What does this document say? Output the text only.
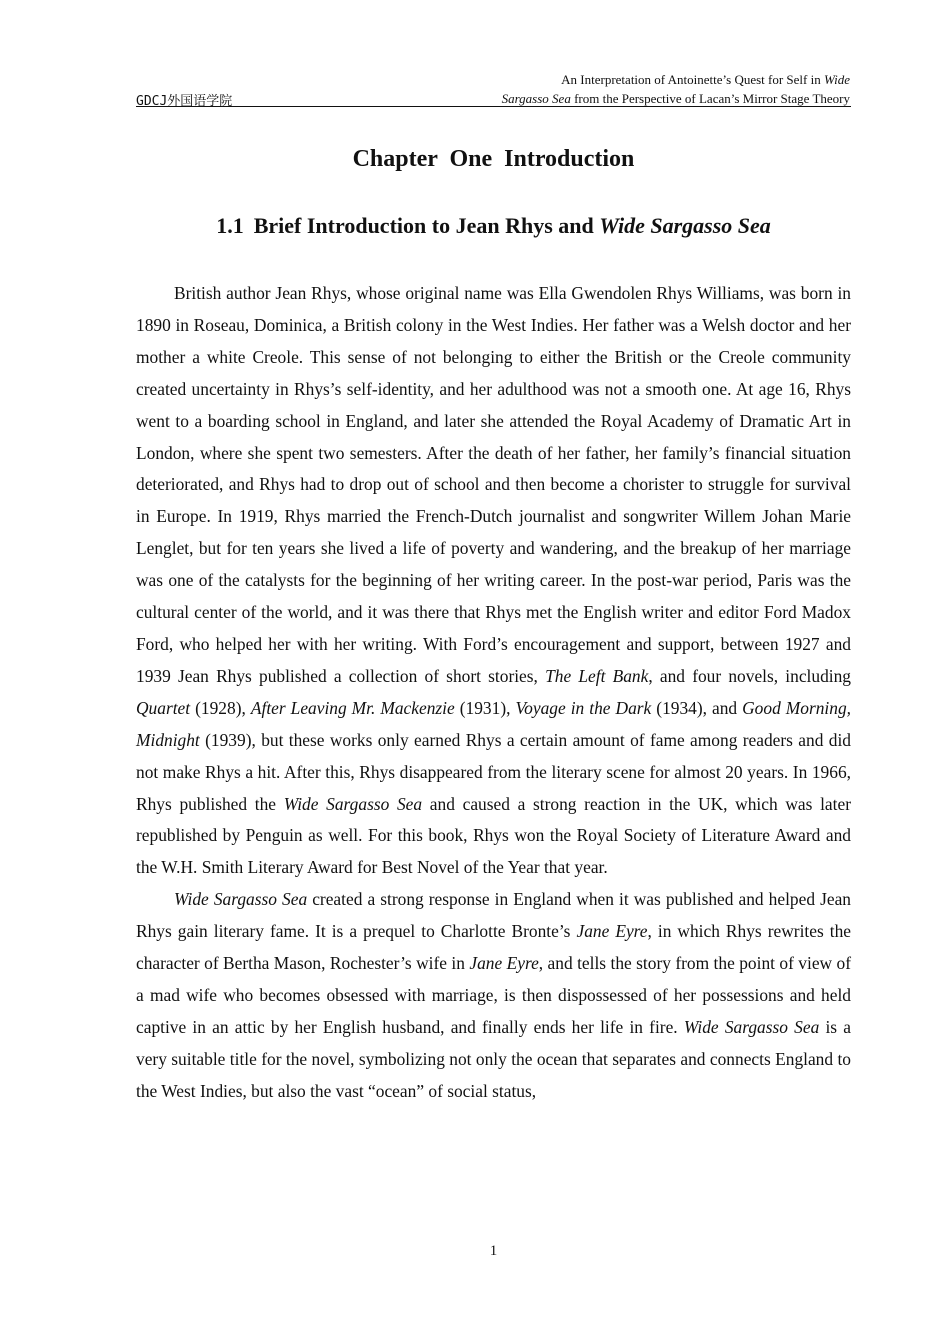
GDCJ外国语学院
An Interpretation of Antoinette’s Quest for Self in Wide
Sargasso Sea from the Perspective of Lacan’s Mirror Stage Theory
Chapter One Introduction
1.1 Brief Introduction to Jean Rhys and Wide Sargasso Sea

British author Jean Rhys, whose original name was Ella Gwendolen Rhys Williams, was born in 1890 in Roseau, Dominica, a British colony in the West Indies. Her father was a Welsh doctor and her mother a white Creole. This sense of not belonging to either the British or the Creole community created uncertainty in Rhys’s self-identity, and her adulthood was not a smooth one. At age 16, Rhys went to a boarding school in England, and later she attended the Royal Academy of Dramatic Art in London, where she spent two semesters. After the death of her father, her family’s financial situation deteriorated, and Rhys had to drop out of school and then become a chorister to struggle for survival in Europe. In 1919, Rhys married the French-Dutch journalist and songwriter Willem Johan Marie Lenglet, but for ten years she lived a life of poverty and wandering, and the breakup of her marriage was one of the catalysts for the beginning of her writing career. In the post-war period, Paris was the cultural center of the world, and it was there that Rhys met the English writer and editor Ford Madox Ford, who helped her with her writing. With Ford’s encouragement and support, between 1927 and 1939 Jean Rhys published a collection of short stories, The Left Bank, and four novels, including Quartet (1928), After Leaving Mr. Mackenzie (1931), Voyage in the Dark (1934), and Good Morning, Midnight (1939), but these works only earned Rhys a certain amount of fame among readers and did not make Rhys a hit. After this, Rhys disappeared from the literary scene for almost 20 years. In 1966, Rhys published the Wide Sargasso Sea and caused a strong reaction in the UK, which was later republished by Penguin as well. For this book, Rhys won the Royal Society of Literature Award and the W.H. Smith Literary Award for Best Novel of the Year that year.

Wide Sargasso Sea created a strong response in England when it was published and helped Jean Rhys gain literary fame. It is a prequel to Charlotte Bronte’s Jane Eyre, in which Rhys rewrites the character of Bertha Mason, Rochester’s wife in Jane Eyre, and tells the story from the point of view of a mad wife who becomes obsessed with marriage, is then dispossessed of her possessions and held captive in an attic by her English husband, and finally ends her life in fire. Wide Sargasso Sea is a very suitable title for the novel, symbolizing not only the ocean that separates and connects England to the West Indies, but also the vast “ocean” of social status,

1
